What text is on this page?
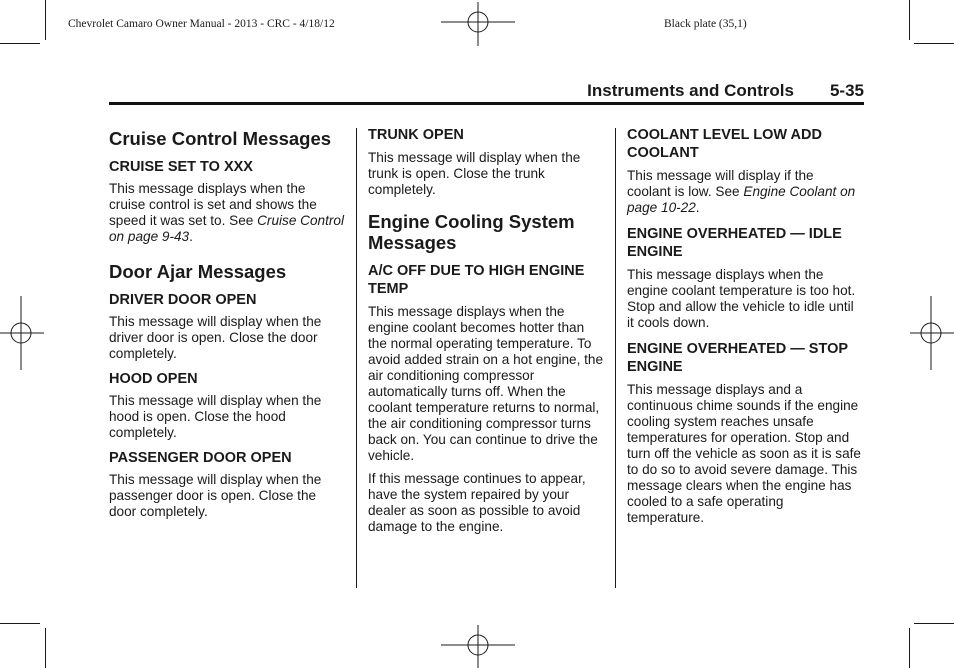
Chevrolet Camaro Owner Manual - 2013 - CRC - 4/18/12	Black plate (35,1)
Instruments and Controls 5-35
Cruise Control Messages
CRUISE SET TO XXX

This message displays when the cruise control is set and shows the speed it was set to. See Cruise Control on page 9-43.

Door Ajar Messages
DRIVER DOOR OPEN

This message will display when the driver door is open. Close the door completely.

HOOD OPEN

This message will display when the hood is open. Close the hood completely.

PASSENGER DOOR OPEN

This message will display when the passenger door is open. Close the door completely.

TRUNK OPEN

This message will display when the trunk is open. Close the trunk completely.

Engine Cooling System Messages
A/C OFF DUE TO HIGH ENGINE TEMP

This message displays when the engine coolant becomes hotter than the normal operating temperature. To avoid added strain on a hot engine, the air conditioning compressor automatically turns off. When the coolant temperature returns to normal, the air conditioning compressor turns back on. You can continue to drive the vehicle.

If this message continues to appear, have the system repaired by your dealer as soon as possible to avoid damage to the engine.

COOLANT LEVEL LOW ADD COOLANT

This message will display if the coolant is low. See Engine Coolant on page 10-22.

ENGINE OVERHEATED — IDLE ENGINE

This message displays when the engine coolant temperature is too hot. Stop and allow the vehicle to idle until it cools down.

ENGINE OVERHEATED — STOP ENGINE

This message displays and a continuous chime sounds if the engine cooling system reaches unsafe temperatures for operation. Stop and turn off the vehicle as soon as it is safe to do so to avoid severe damage. This message clears when the engine has cooled to a safe operating temperature.
